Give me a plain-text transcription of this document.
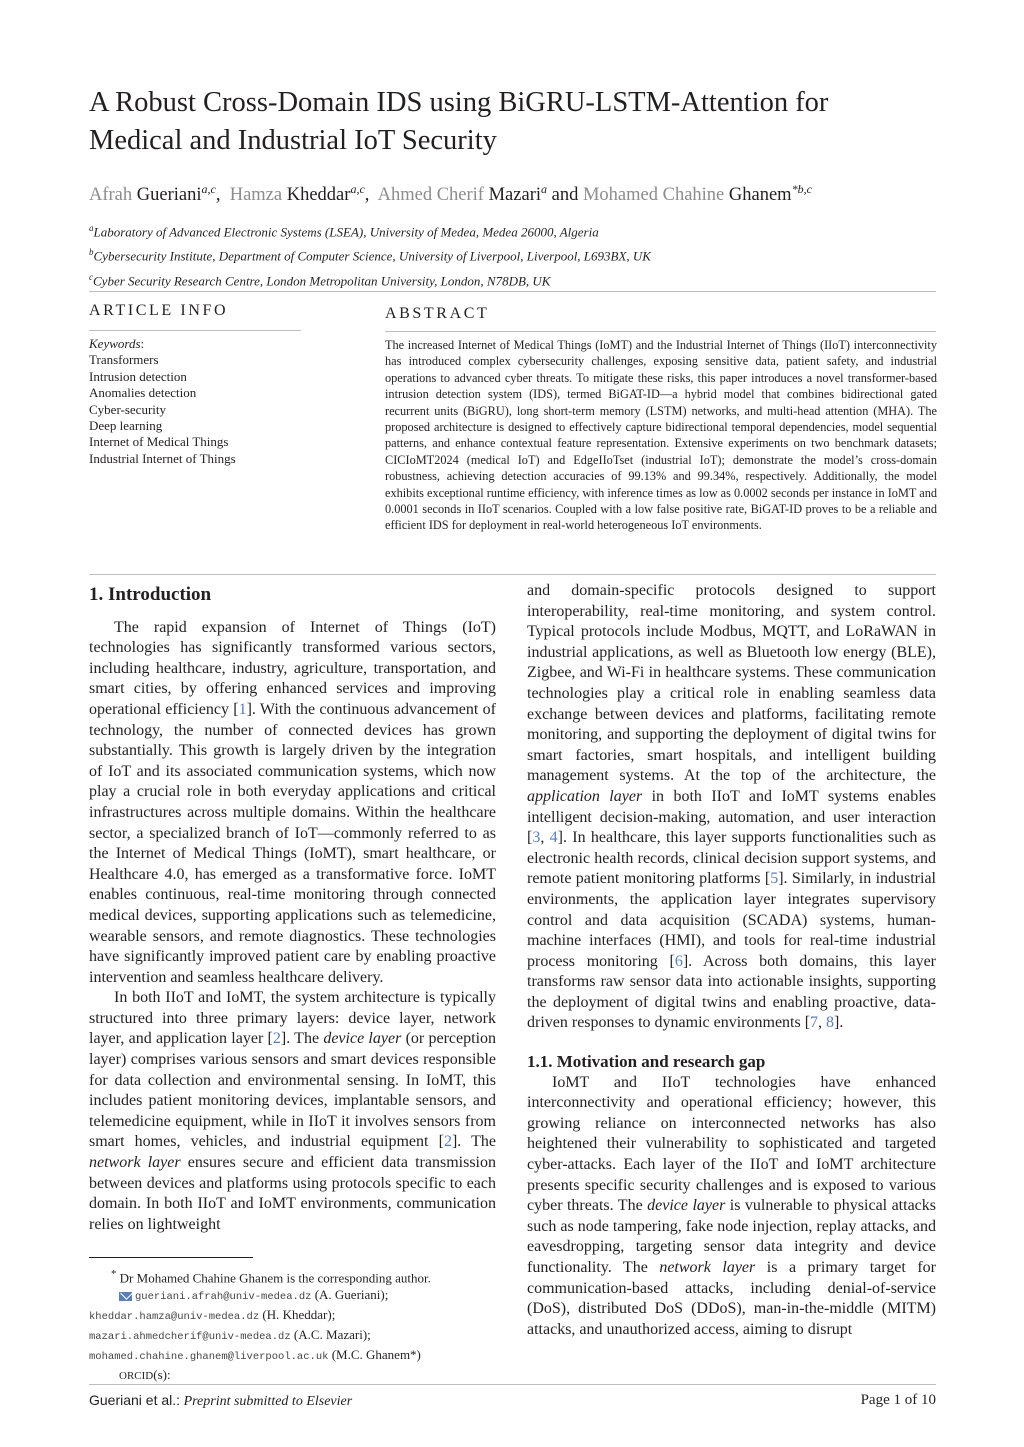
A Robust Cross-Domain IDS using BiGRU-LSTM-Attention for
Medical and Industrial IoT Security
Afrah Gueriani$^{a,c}$, Hamza Kheddar$^{a,c}$, Ahmed Cherif Mazari$^a$ and Mohamed Chahine Ghanem$^{*b,c}$
$^a$Laboratory of Advanced Electronic Systems (LSEA), University of Medea, Medea 26000, Algeria
$^b$Cybersecurity Institute, Department of Computer Science, University of Liverpool, Liverpool, L693BX, UK
$^c$Cyber Security Research Centre, London Metropolitan University, London, N78DB, UK
ARTICLE INFO
Keywords:
Transformers
Intrusion detection
Anomalies detection
Cyber-security
Deep learning
Internet of Medical Things
Industrial Internet of Things
ABSTRACT
The increased Internet of Medical Things (IoMT) and the Industrial Internet of Things (IIoT) interconnectivity has introduced complex cybersecurity challenges, exposing sensitive data, patient safety, and industrial operations to advanced cyber threats. To mitigate these risks, this paper introduces a novel transformer-based intrusion detection system (IDS), termed BiGAT-ID—a hybrid model that combines bidirectional gated recurrent units (BiGRU), long short-term memory (LSTM) networks, and multi-head attention (MHA). The proposed architecture is designed to effectively capture bidirectional temporal dependencies, model sequential patterns, and enhance contextual feature representation. Extensive experiments on two benchmark datasets; CICIoMT2024 (medical IoT) and EdgeIIoTset (industrial IoT); demonstrate the model’s cross-domain robustness, achieving detection accuracies of 99.13% and 99.34%, respectively. Additionally, the model exhibits exceptional runtime efficiency, with inference times as low as 0.0002 seconds per instance in IoMT and 0.0001 seconds in IIoT scenarios. Coupled with a low false positive rate, BiGAT-ID proves to be a reliable and efficient IDS for deployment in real-world heterogeneous IoT environments.
1. Introduction

The rapid expansion of Internet of Things (IoT) technologies has significantly transformed various sectors, including healthcare, industry, agriculture, transportation, and smart cities, by offering enhanced services and improving operational efficiency [1]. With the continuous advancement of technology, the number of connected devices has grown substantially. This growth is largely driven by the integration of IoT and its associated communication systems, which now play a crucial role in both everyday applications and critical infrastructures across multiple domains. Within the healthcare sector, a specialized branch of IoT—commonly referred to as the Internet of Medical Things (IoMT), smart healthcare, or Healthcare 4.0, has emerged as a transformative force. IoMT enables continuous, real-time monitoring through connected medical devices, supporting applications such as telemedicine, wearable sensors, and remote diagnostics. These technologies have significantly improved patient care by enabling proactive intervention and seamless healthcare delivery.

In both IIoT and IoMT, the system architecture is typically structured into three primary layers: device layer, network layer, and application layer [2]. The device layer (or perception layer) comprises various sensors and smart devices responsible for data collection and environmental sensing. In IoMT, this includes patient monitoring devices, implantable sensors, and telemedicine equipment, while in IIoT it involves sensors from smart homes, vehicles, and industrial equipment [2]. The network layer ensures secure and efficient data transmission between devices and platforms using protocols specific to each domain. In both IIoT and IoMT environments, communication relies on lightweight

and domain-specific protocols designed to support interoperability, real-time monitoring, and system control. Typical protocols include Modbus, MQTT, and LoRaWAN in industrial applications, as well as Bluetooth low energy (BLE), Zigbee, and Wi-Fi in healthcare systems. These communication technologies play a critical role in enabling seamless data exchange between devices and platforms, facilitating remote monitoring, and supporting the deployment of digital twins for smart factories, smart hospitals, and intelligent building management systems. At the top of the architecture, the application layer in both IIoT and IoMT systems enables intelligent decision-making, automation, and user interaction [3, 4]. In healthcare, this layer supports functionalities such as electronic health records, clinical decision support systems, and remote patient monitoring platforms [5]. Similarly, in industrial environments, the application layer integrates supervisory control and data acquisition (SCADA) systems, human-machine interfaces (HMI), and tools for real-time industrial process monitoring [6]. Across both domains, this layer transforms raw sensor data into actionable insights, supporting the deployment of digital twins and enabling proactive, data-driven responses to dynamic environments [7, 8].

1.1. Motivation and research gap

IoMT and IIoT technologies have enhanced interconnectivity and operational efficiency; however, this growing reliance on interconnected networks has also heightened their vulnerability to sophisticated and targeted cyber-attacks. Each layer of the IIoT and IoMT architecture presents specific security challenges and is exposed to various cyber threats. The device layer is vulnerable to physical attacks such as node tampering, fake node injection, replay attacks, and eavesdropping, targeting sensor data integrity and device functionality. The network layer is a primary target for communication-based attacks, including denial-of-service (DoS), distributed DoS (DDoS), man-in-the-middle (MITM) attacks, and unauthorized access, aiming to disrupt

* Dr Mohamed Chahine Ghanem is the corresponding author.
gueriani.afrah@univ-medea.dz (A. Gueriani);
kheddar.hamza@univ-medea.dz (H. Kheddar);
mazari.ahmedcherif@univ-medea.dz (A.C. Mazari);
mohamed.chahine.ghanem@liverpool.ac.uk (M.C. Ghanem*)
ORCID(s):
Gueriani et al.: Preprint submitted to Elsevier	Page 1 of 10
